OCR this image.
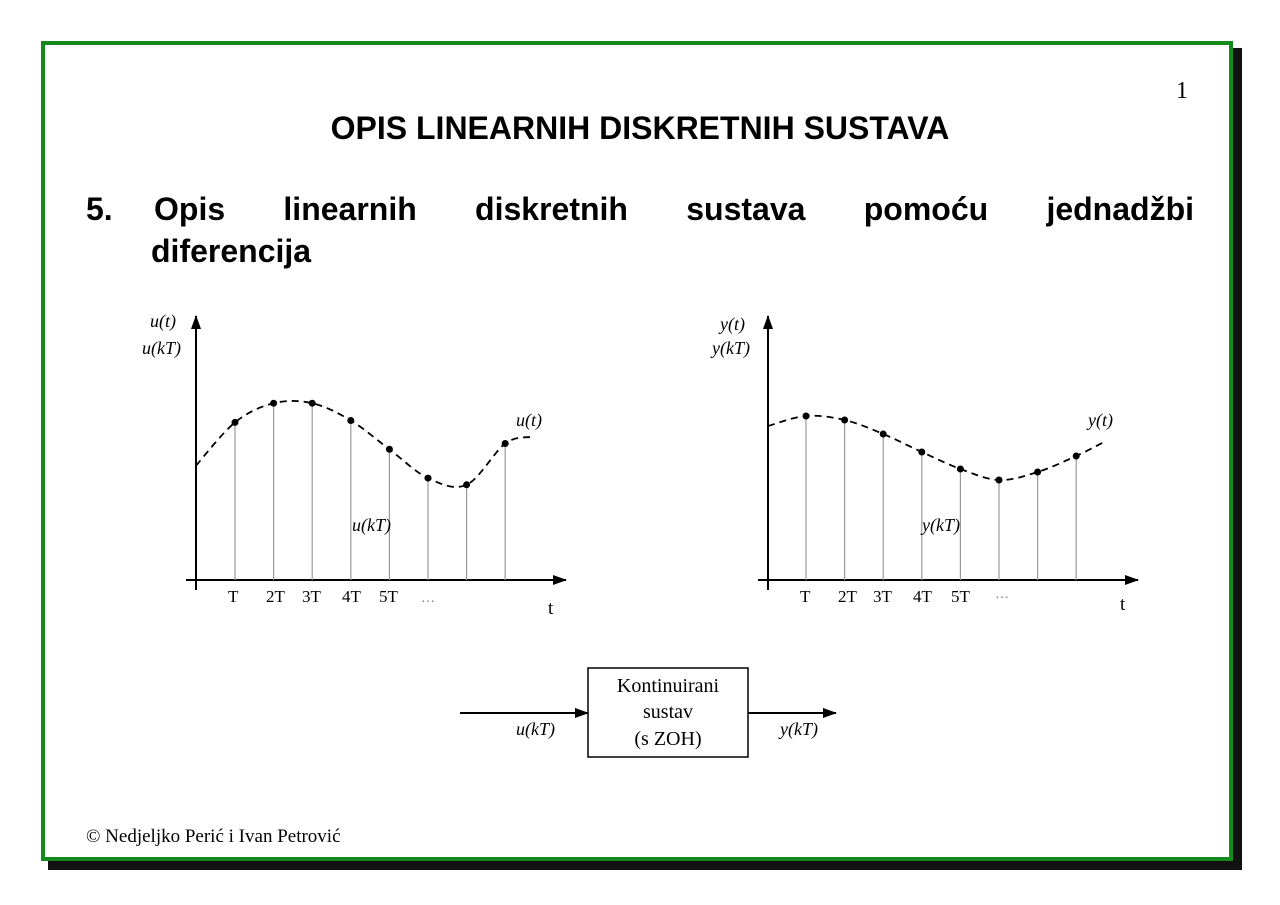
1
OPIS LINEARNIH DISKRETNIH SUSTAVA
5. Opis linearnih diskretnih sustava pomoću jednadžbi
diferencija
u(t)
u(kT)
u(t)
u(kT)
t
T 2T 3T 4T 5T …
y(t)
y(kT)
y(t)
y(kT)
t
T 2T 3T 4T 5T …
Kontinuirani
sustav
(s ZOH)
u(kT)	y(kT)
© Nedjeljko Perić i Ivan Petrović
